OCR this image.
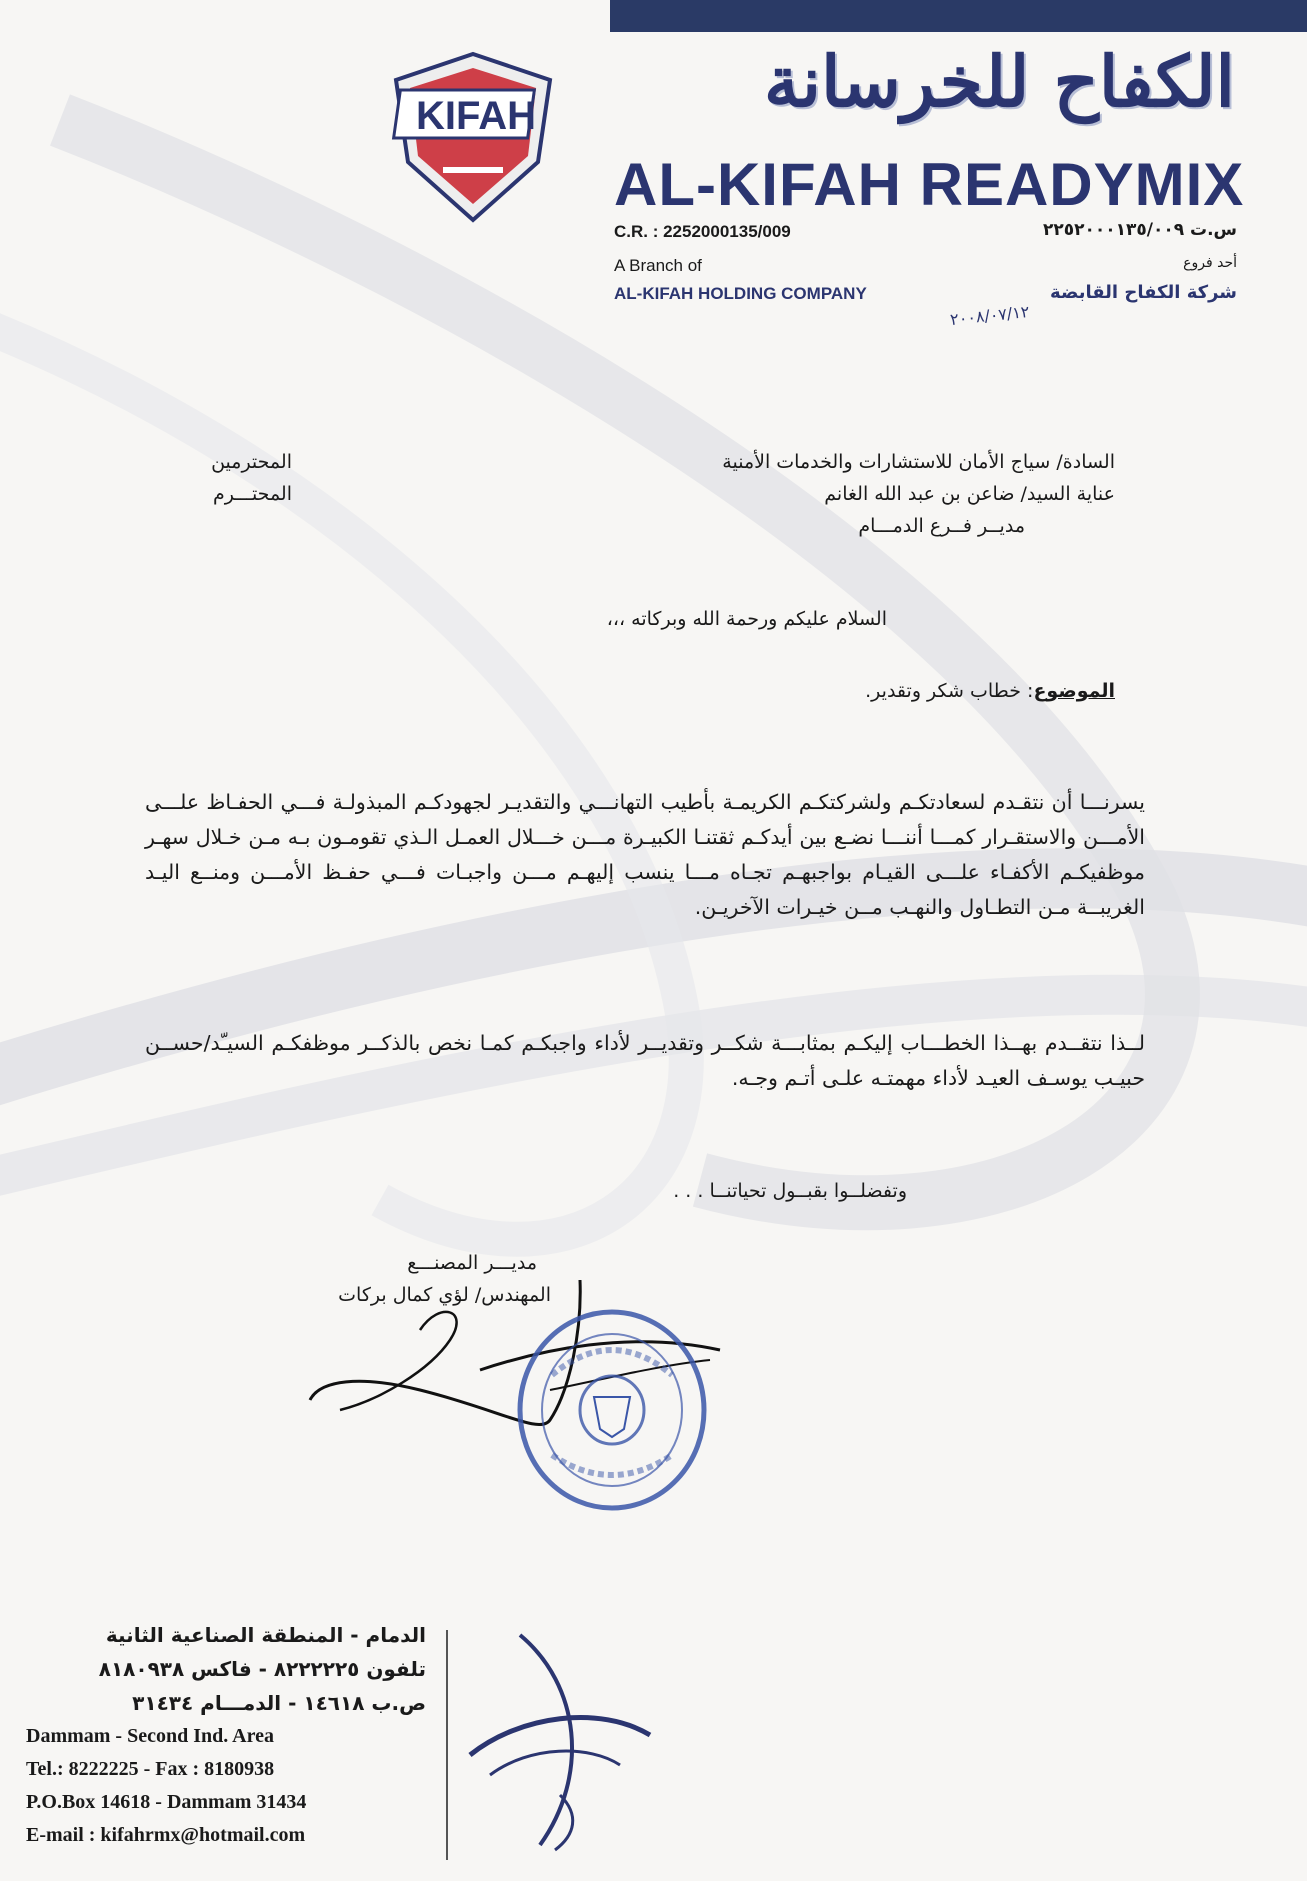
KIFAH	الكفاح للخرسانة
AL-KIFAH READYMIX
C.R. : 2252000135/009	س.ت ٢٢٥٢٠٠٠١٣٥/٠٠٩
A Branch of	أحد فروع
AL-KIFAH HOLDING COMPANY	شركة الكفاح القابضة
٢٠٠٨/٠٧/١٢
السادة/ سياج الأمان للاستشارات والخدمات الأمنية
عناية السيد/ ضاعن بن عبد الله الغانم
مديــر فــرع الدمـــام
المحترمين
المحتـــرم
السلام عليكم ورحمة الله وبركاته ،،،
الموضوع: خطاب شكر وتقدير.
يسرنـــا أن نتقـدم لسعادتكـم ولشركتكـم الكريمـة بأطيب التهانـــي والتقديـر لجهودكـم المبذولـة فـــي الحفـاظ علـــى الأمـــن والاستقـرار كمـــا أننـــا نضـع بين أيدكـم ثقتنـا الكبيـرة مـــن خـــلال العمـل الـذي تقومـون بـه مـن خـلال سهـر موظفيكـم الأكفـاء علـــى القيـام بواجبهـم تجـاه مـــا ينسب إليهـم مـــن واجبـات فـــي حفـظ الأمـــن ومنــع اليـد الغريبــة مـن التطـاول والنهـب مــن خيـرات الآخريـن.
لــذا نتقــدم بهــذا الخطـــاب إليكـم بمثابـــة شكــر وتقديــر لأداء واجبكـم كمـا نخص بالذكــر موظفكـم السيـّد/حســن حبيـب يوسـف العيـد لأداء مهمتـه علـى أتـم وجـه.
وتفضلــوا بقبــول تحياتنــا . . .
مديـــر المصنـــع
المهندس/ لؤي كمال بركات
الدمام - المنطقة الصناعية الثانية
تلفون ٨٢٢٢٢٢٥ - فاكس ٨١٨٠٩٣٨
ص.ب ١٤٦١٨ - الدمـــام ٣١٤٣٤
Dammam - Second Ind. Area
Tel.: 8222225 - Fax : 8180938
P.O.Box 14618 - Dammam 31434
E-mail : kifahrmx@hotmail.com
